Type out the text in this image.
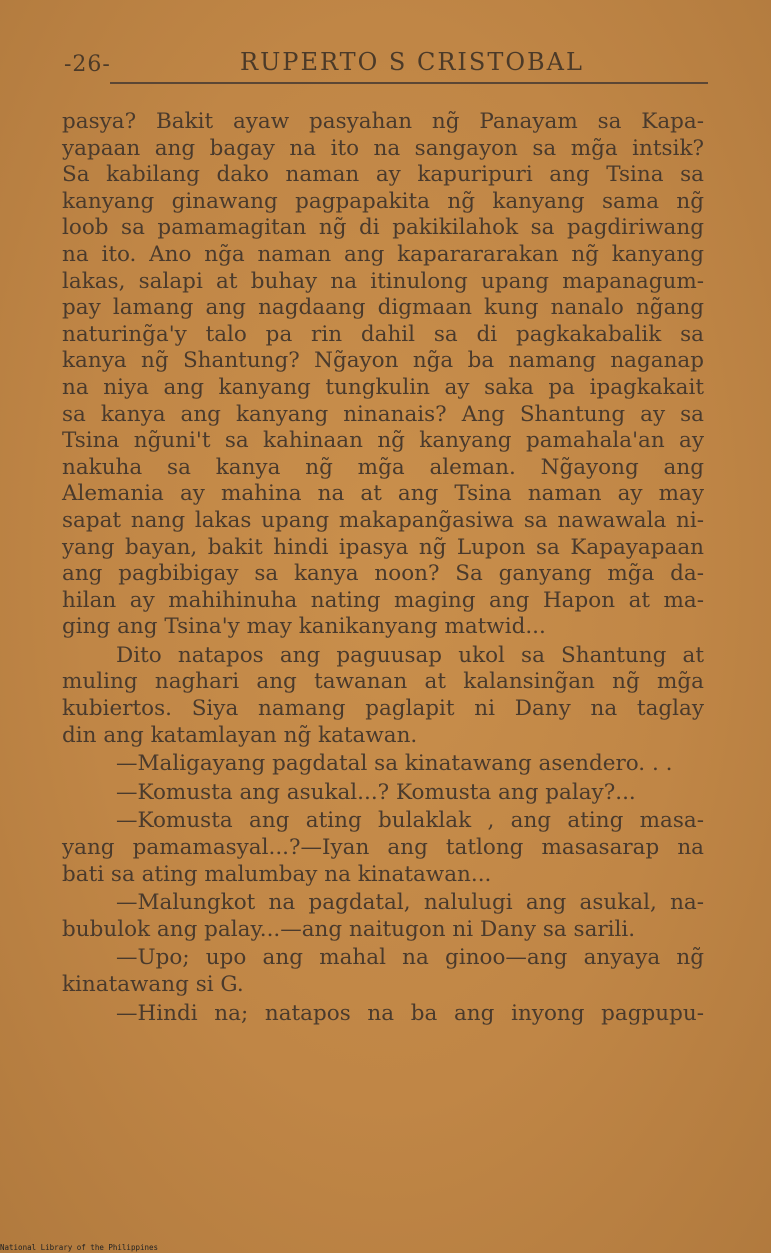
-26-	RUPERTO S CRISTOBAL
pasya? Bakit ayaw pasyahan ng̃ Panayam sa Kapa-
yapaan ang bagay na ito na sangayon sa mg̃a intsik?
Sa kabilang dako naman ay kapuripuri ang Tsina sa
kanyang ginawang pagpapakita ng̃ kanyang sama ng̃
loob sa pamamagitan ng̃ di pakikilahok sa pagdiriwang
na ito. Ano ng̃a naman ang kaparararakan ng̃ kanyang
lakas, salapi at buhay na itinulong upang mapanagum-
pay lamang ang nagdaang digmaan kung nanalo ng̃ang
naturing̃a'y talo pa rin dahil sa di pagkakabalik sa
kanya ng̃ Shantung? Ng̃ayon ng̃a ba namang naganap
na niya ang kanyang tungkulin ay saka pa ipagkakait
sa kanya ang kanyang ninanais? Ang Shantung ay sa
Tsina ng̃uni't sa kahinaan ng̃ kanyang pamahala'an ay
nakuha sa kanya ng̃ mg̃a aleman. Ng̃ayong ang
Alemania ay mahina na at ang Tsina naman ay may
sapat nang lakas upang makapang̃asiwa sa nawawala ni-
yang bayan, bakit hindi ipasya ng̃ Lupon sa Kapayapaan
ang pagbibigay sa kanya noon? Sa ganyang mg̃a da-
hilan ay mahihinuha nating maging ang Hapon at ma-
ging ang Tsina'y may kanikanyang matwid...
Dito natapos ang paguusap ukol sa Shantung at
muling naghari ang tawanan at kalansing̃an ng̃ mg̃a
kubiertos. Siya namang paglapit ni Dany na taglay
din ang katamlayan ng̃ katawan.
—Maligayang pagdatal sa kinatawang asendero. . .
—Komusta ang asukal...? Komusta ang palay?...
—Komusta ang ating bulaklak , ang ating masa-
yang pamamasyal...?—Iyan ang tatlong masasarap na
bati sa ating malumbay na kinatawan...
—Malungkot na pagdatal, nalulugi ang asukal, na-
bubulok ang palay...—ang naitugon ni Dany sa sarili.
—Upo; upo ang mahal na ginoo—ang anyaya ng̃
kinatawang si G.
—Hindi na; natapos na ba ang inyong pagpupu-
National Library of the Philippines
